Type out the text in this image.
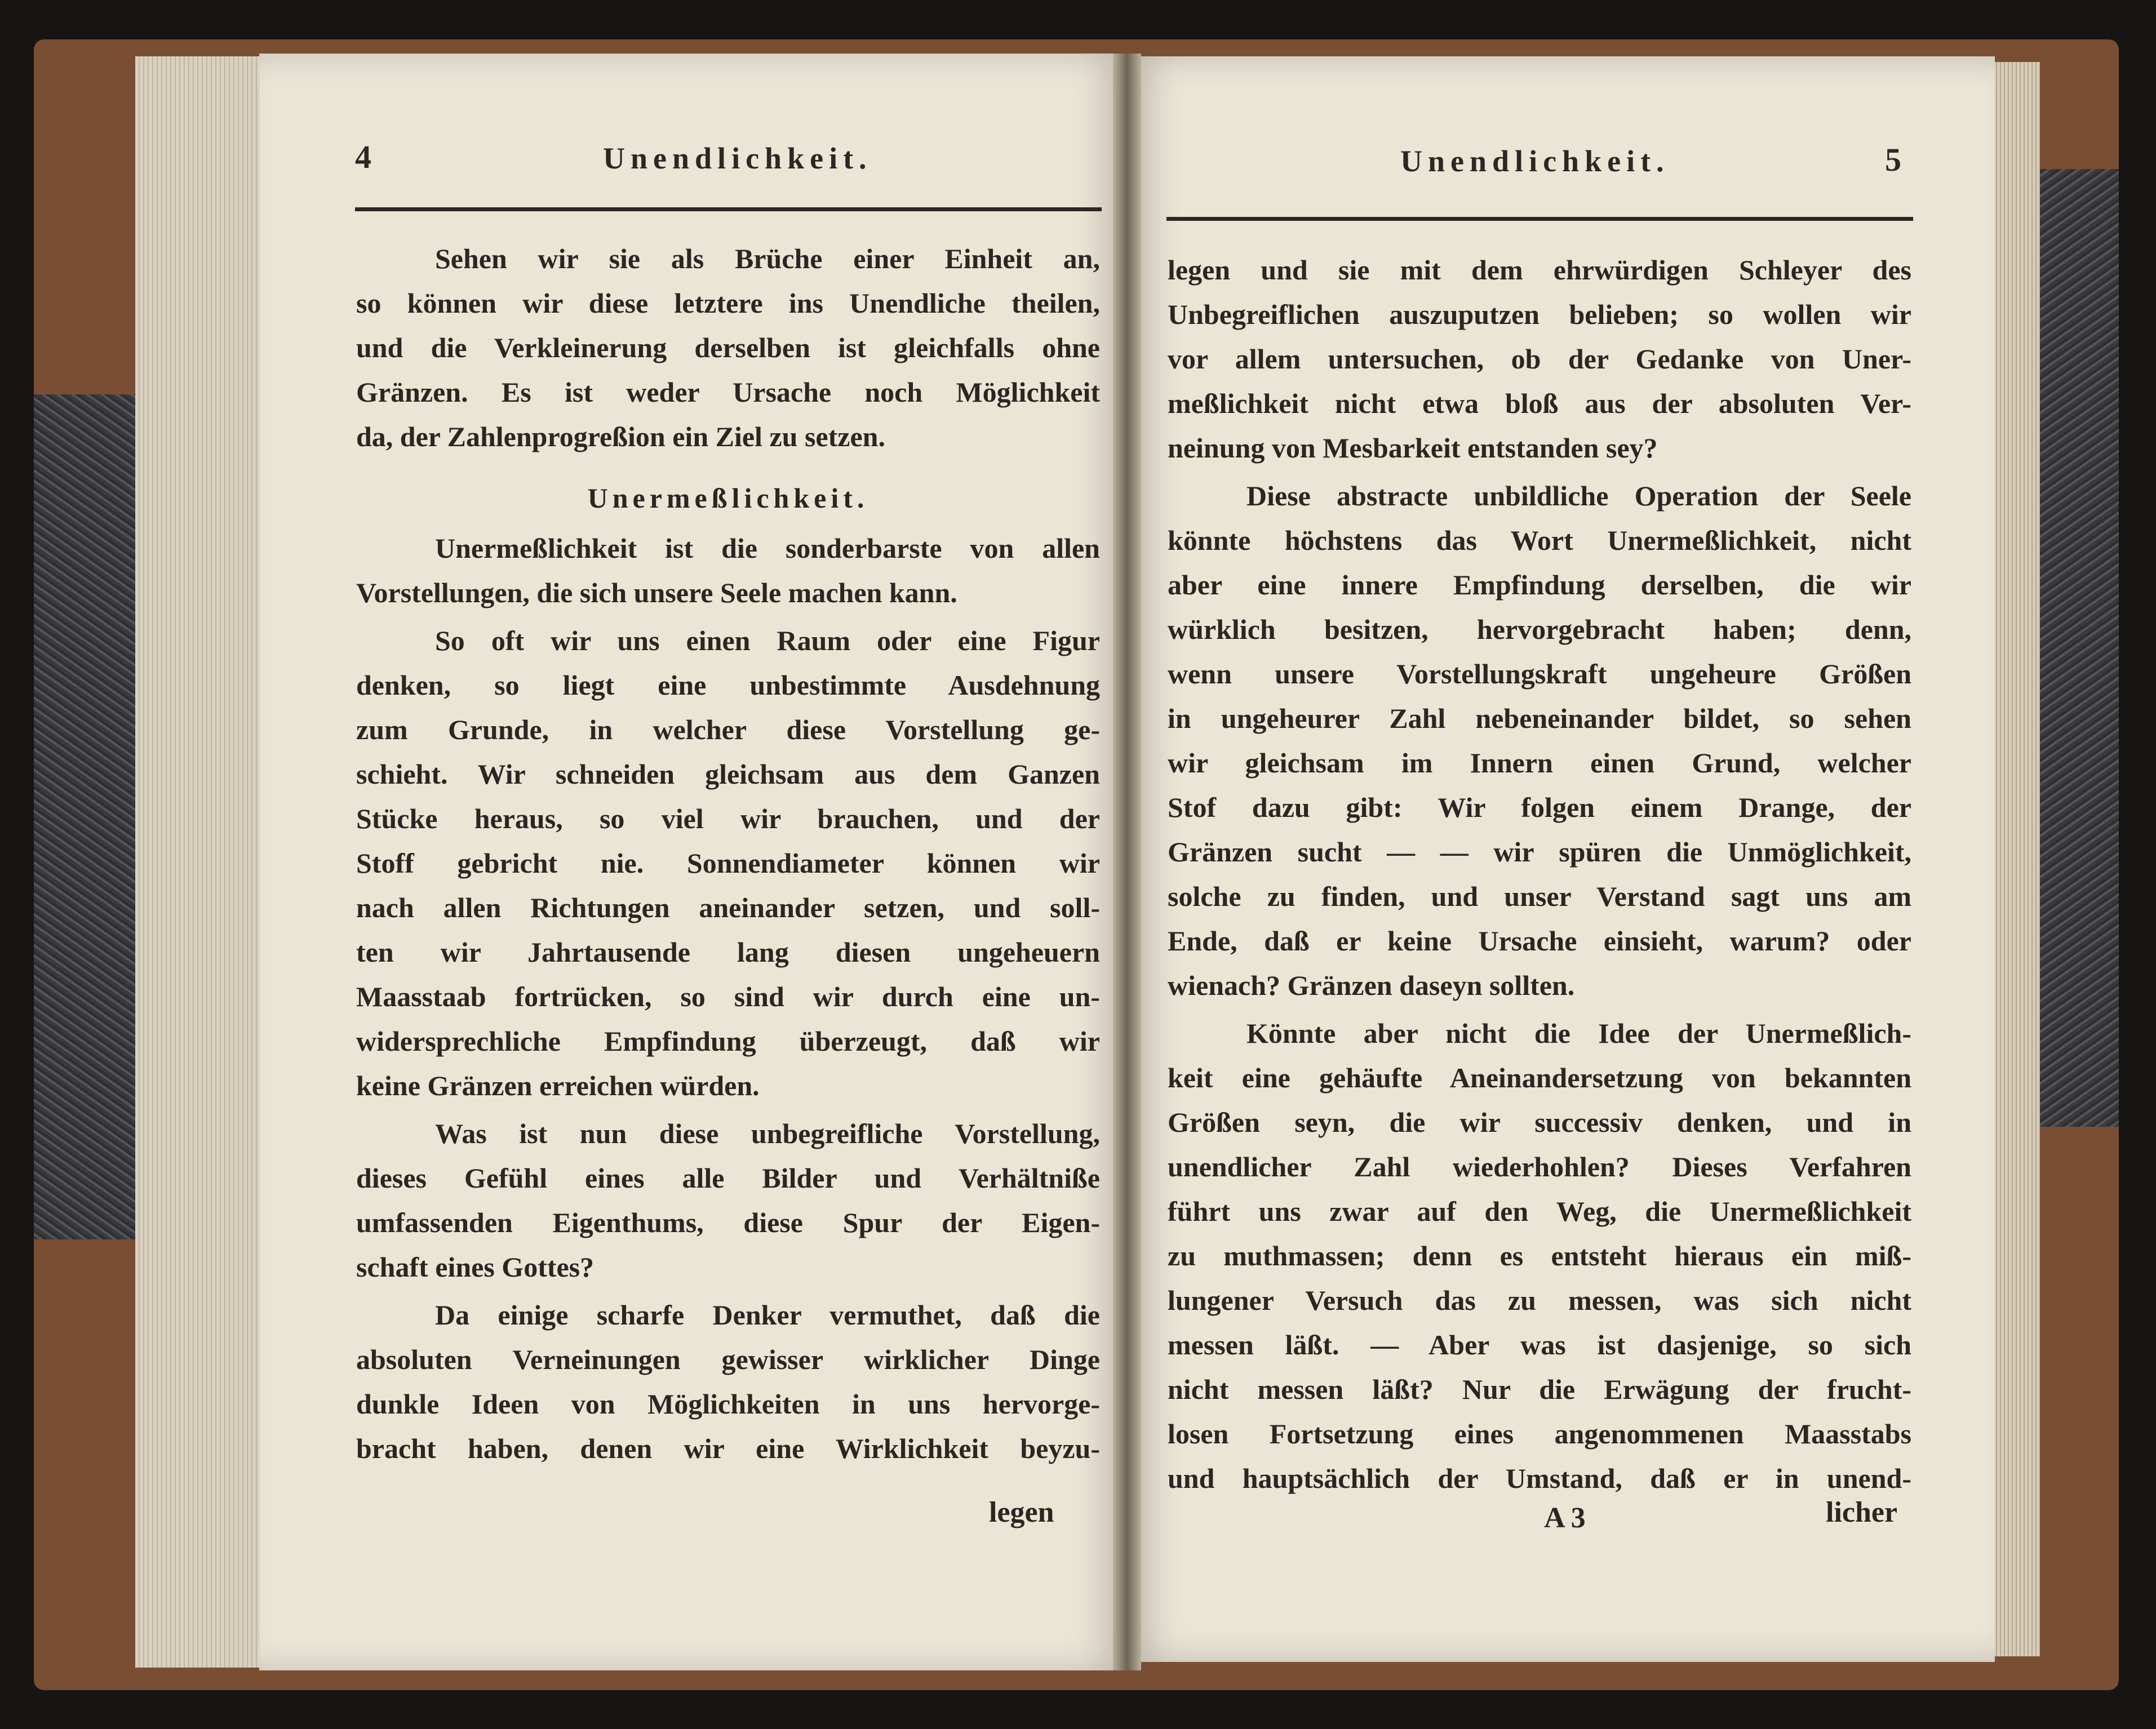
4	Unendlichkeit.
Sehen wir sie als Brüche einer Einheit an,
so können wir diese letztere ins Unendliche theilen,
und die Verkleinerung derselben ist gleichfalls ohne
Gränzen. Es ist weder Ursache noch Möglichkeit
da, der Zahlenprogreßion ein Ziel zu setzen.
Unermeßlichkeit.
Unermeßlichkeit ist die sonderbarste von allen
Vorstellungen, die sich unsere Seele machen kann.
So oft wir uns einen Raum oder eine Figur
denken, so liegt eine unbestimmte Ausdehnung
zum Grunde, in welcher diese Vorstellung ge-
schieht. Wir schneiden gleichsam aus dem Ganzen
Stücke heraus, so viel wir brauchen, und der
Stoff gebricht nie. Sonnendiameter können wir
nach allen Richtungen aneinander setzen, und soll-
ten wir Jahrtausende lang diesen ungeheuern
Maasstaab fortrücken, so sind wir durch eine un-
widersprechliche Empfindung überzeugt, daß wir
keine Gränzen erreichen würden.
Was ist nun diese unbegreifliche Vorstellung,
dieses Gefühl eines alle Bilder und Verhältniße
umfassenden Eigenthums, diese Spur der Eigen-
schaft eines Gottes?
Da einige scharfe Denker vermuthet, daß die
absoluten Verneinungen gewisser wirklicher Dinge
dunkle Ideen von Möglichkeiten in uns hervorge-
bracht haben, denen wir eine Wirklichkeit beyzu-
legen
Unendlichkeit.	5
legen und sie mit dem ehrwürdigen Schleyer des
Unbegreiflichen auszuputzen belieben; so wollen wir
vor allem untersuchen, ob der Gedanke von Uner-
meßlichkeit nicht etwa bloß aus der absoluten Ver-
neinung von Mesbarkeit entstanden sey?
Diese abstracte unbildliche Operation der Seele
könnte höchstens das Wort Unermeßlichkeit, nicht
aber eine innere Empfindung derselben, die wir
würklich besitzen, hervorgebracht haben; denn,
wenn unsere Vorstellungskraft ungeheure Größen
in ungeheurer Zahl nebeneinander bildet, so sehen
wir gleichsam im Innern einen Grund, welcher
Stof dazu gibt: Wir folgen einem Drange, der
Gränzen sucht — — wir spüren die Unmöglichkeit,
solche zu finden, und unser Verstand sagt uns am
Ende, daß er keine Ursache einsieht, warum? oder
wienach? Gränzen daseyn sollten.
Könnte aber nicht die Idee der Unermeßlich-
keit eine gehäufte Aneinandersetzung von bekannten
Größen seyn, die wir successiv denken, und in
unendlicher Zahl wiederhohlen? Dieses Verfahren
führt uns zwar auf den Weg, die Unermeßlichkeit
zu muthmassen; denn es entsteht hieraus ein miß-
lungener Versuch das zu messen, was sich nicht
messen läßt. — Aber was ist dasjenige, so sich
nicht messen läßt? Nur die Erwägung der frucht-
losen Fortsetzung eines angenommenen Maasstabs
und hauptsächlich der Umstand, daß er in unend-
A 3	licher
